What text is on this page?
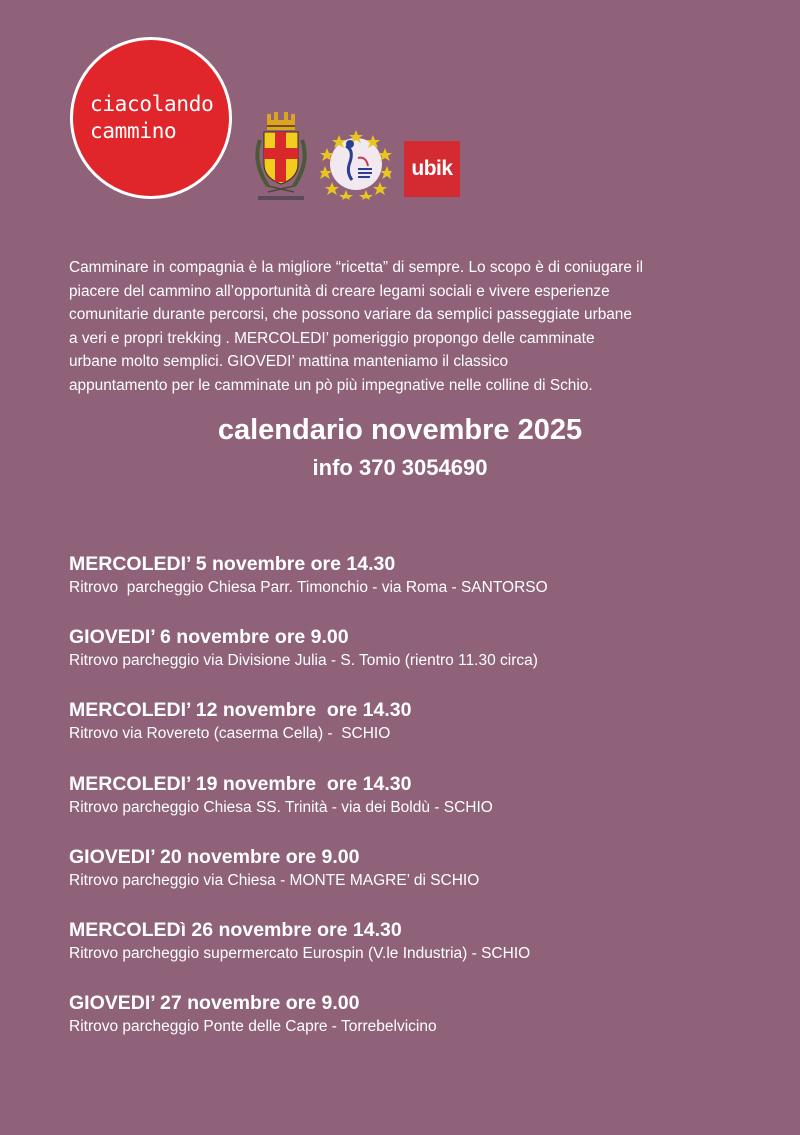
ciacolando
cammino
ubik
Camminare in compagnia è la migliore “ricetta” di sempre. Lo scopo è di coniugare il
piacere del cammino all’opportunità di creare legami sociali e vivere esperienze
comunitarie durante percorsi, che possono variare da semplici passeggiate urbane
a veri e propri trekking . MERCOLEDI’ pomeriggio propongo delle camminate
urbane molto semplici. GIOVEDI’ mattina manteniamo il classico
appuntamento per le camminate un pò più impegnative nelle colline di Schio.
calendario novembre 2025
info 370 3054690
MERCOLEDI’ 5 novembre ore 14.30
Ritrovo  parcheggio Chiesa Parr. Timonchio - via Roma - SANTORSO
GIOVEDI’ 6 novembre ore 9.00
Ritrovo parcheggio via Divisione Julia - S. Tomio (rientro 11.30 circa)
MERCOLEDI’ 12 novembre  ore 14.30
Ritrovo via Rovereto (caserma Cella) -  SCHIO
MERCOLEDI’ 19 novembre  ore 14.30
Ritrovo parcheggio Chiesa SS. Trinità - via dei Boldù - SCHIO
GIOVEDI’ 20 novembre ore 9.00
Ritrovo parcheggio via Chiesa - MONTE MAGRE’ di SCHIO
MERCOLEDì 26 novembre ore 14.30
Ritrovo parcheggio supermercato Eurospin (V.le Industria) - SCHIO
GIOVEDI’ 27 novembre ore 9.00
Ritrovo parcheggio Ponte delle Capre - Torrebelvicino
